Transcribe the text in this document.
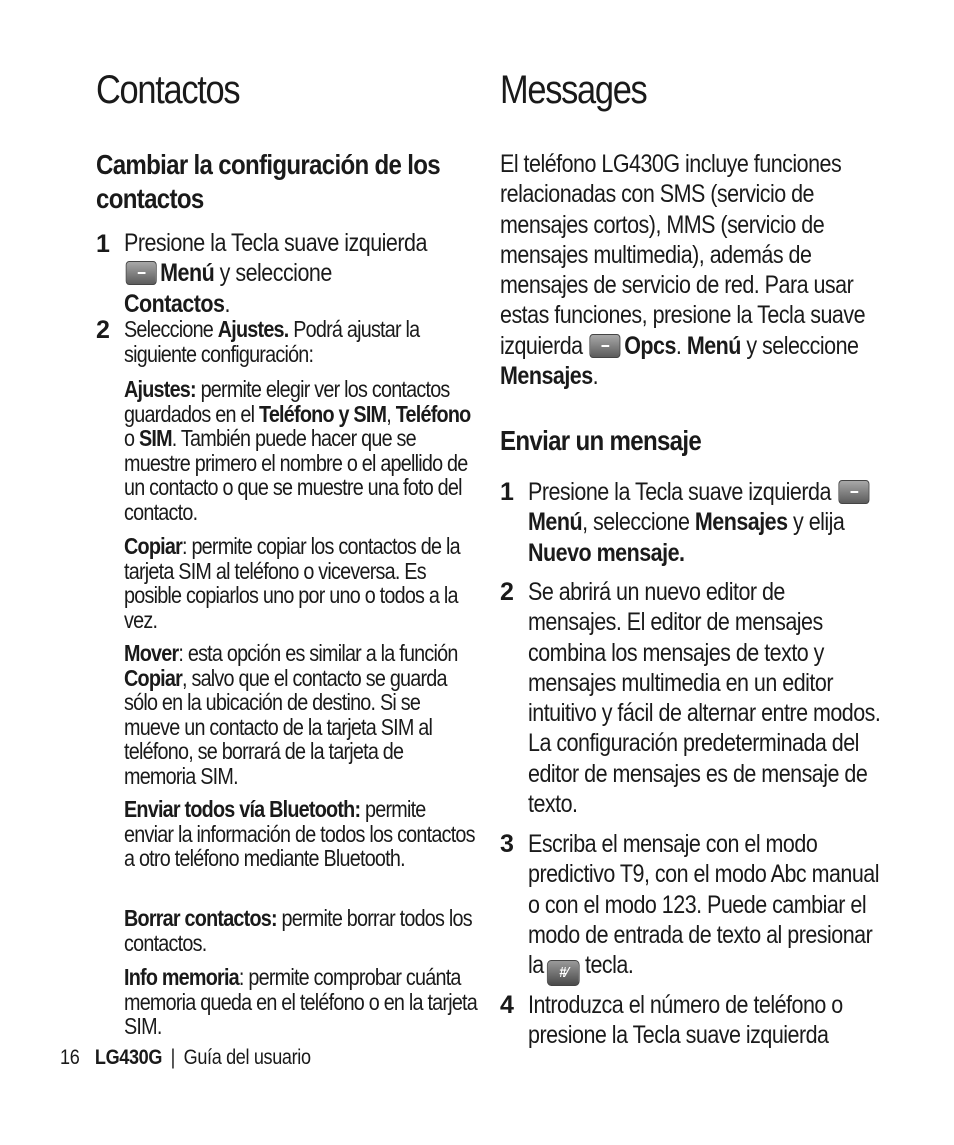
Contactos
Cambiar la configuración de los contactos
1 Presione la Tecla suave izquierda
Menú y seleccione
Contactos.

2 Seleccione Ajustes. Podrá ajustar la siguiente configuración:

Ajustes: permite elegir ver los contactos guardados en el Teléfono y SIM, Teléfono o SIM. También puede hacer que se muestre primero el nombre o el apellido de un contacto o que se muestre una foto del contacto.

Copiar: permite copiar los contactos de la tarjeta SIM al teléfono o viceversa. Es posible copiarlos uno por uno o todos a la vez.

Mover: esta opción es similar a la función Copiar, salvo que el contacto se guarda sólo en la ubicación de destino. Si se mueve un contacto de la tarjeta SIM al teléfono, se borrará de la tarjeta de memoria SIM.

Enviar todos vía Bluetooth: permite enviar la información de todos los contactos a otro teléfono mediante Bluetooth.

Borrar contactos: permite borrar todos los contactos.

Info memoria: permite comprobar cuánta memoria queda en el teléfono o en la tarjeta SIM.

Messages

El teléfono LG430G incluye funciones relacionadas con SMS (servicio de mensajes cortos), MMS (servicio de mensajes multimedia), además de mensajes de servicio de red. Para usar estas funciones, presione la Tecla suave izquierda Opcs. Menú y seleccione Mensajes.

Enviar un mensaje
1 Presione la Tecla suave izquierda Menú, seleccione Mensajes y elija Nuevo mensaje.

2 Se abrirá un nuevo editor de mensajes. El editor de mensajes combina los mensajes de texto y mensajes multimedia en un editor intuitivo y fácil de alternar entre modos. La configuración predeterminada del editor de mensajes es de mensaje de texto.

3 Escriba el mensaje con el modo predictivo T9, con el modo Abc manual o con el modo 123. Puede cambiar el modo de entrada de texto al presionar la #⁄ tecla.

4 Introduzca el número de teléfono o presione la Tecla suave izquierda

16 LG430G | Guía del usuario
